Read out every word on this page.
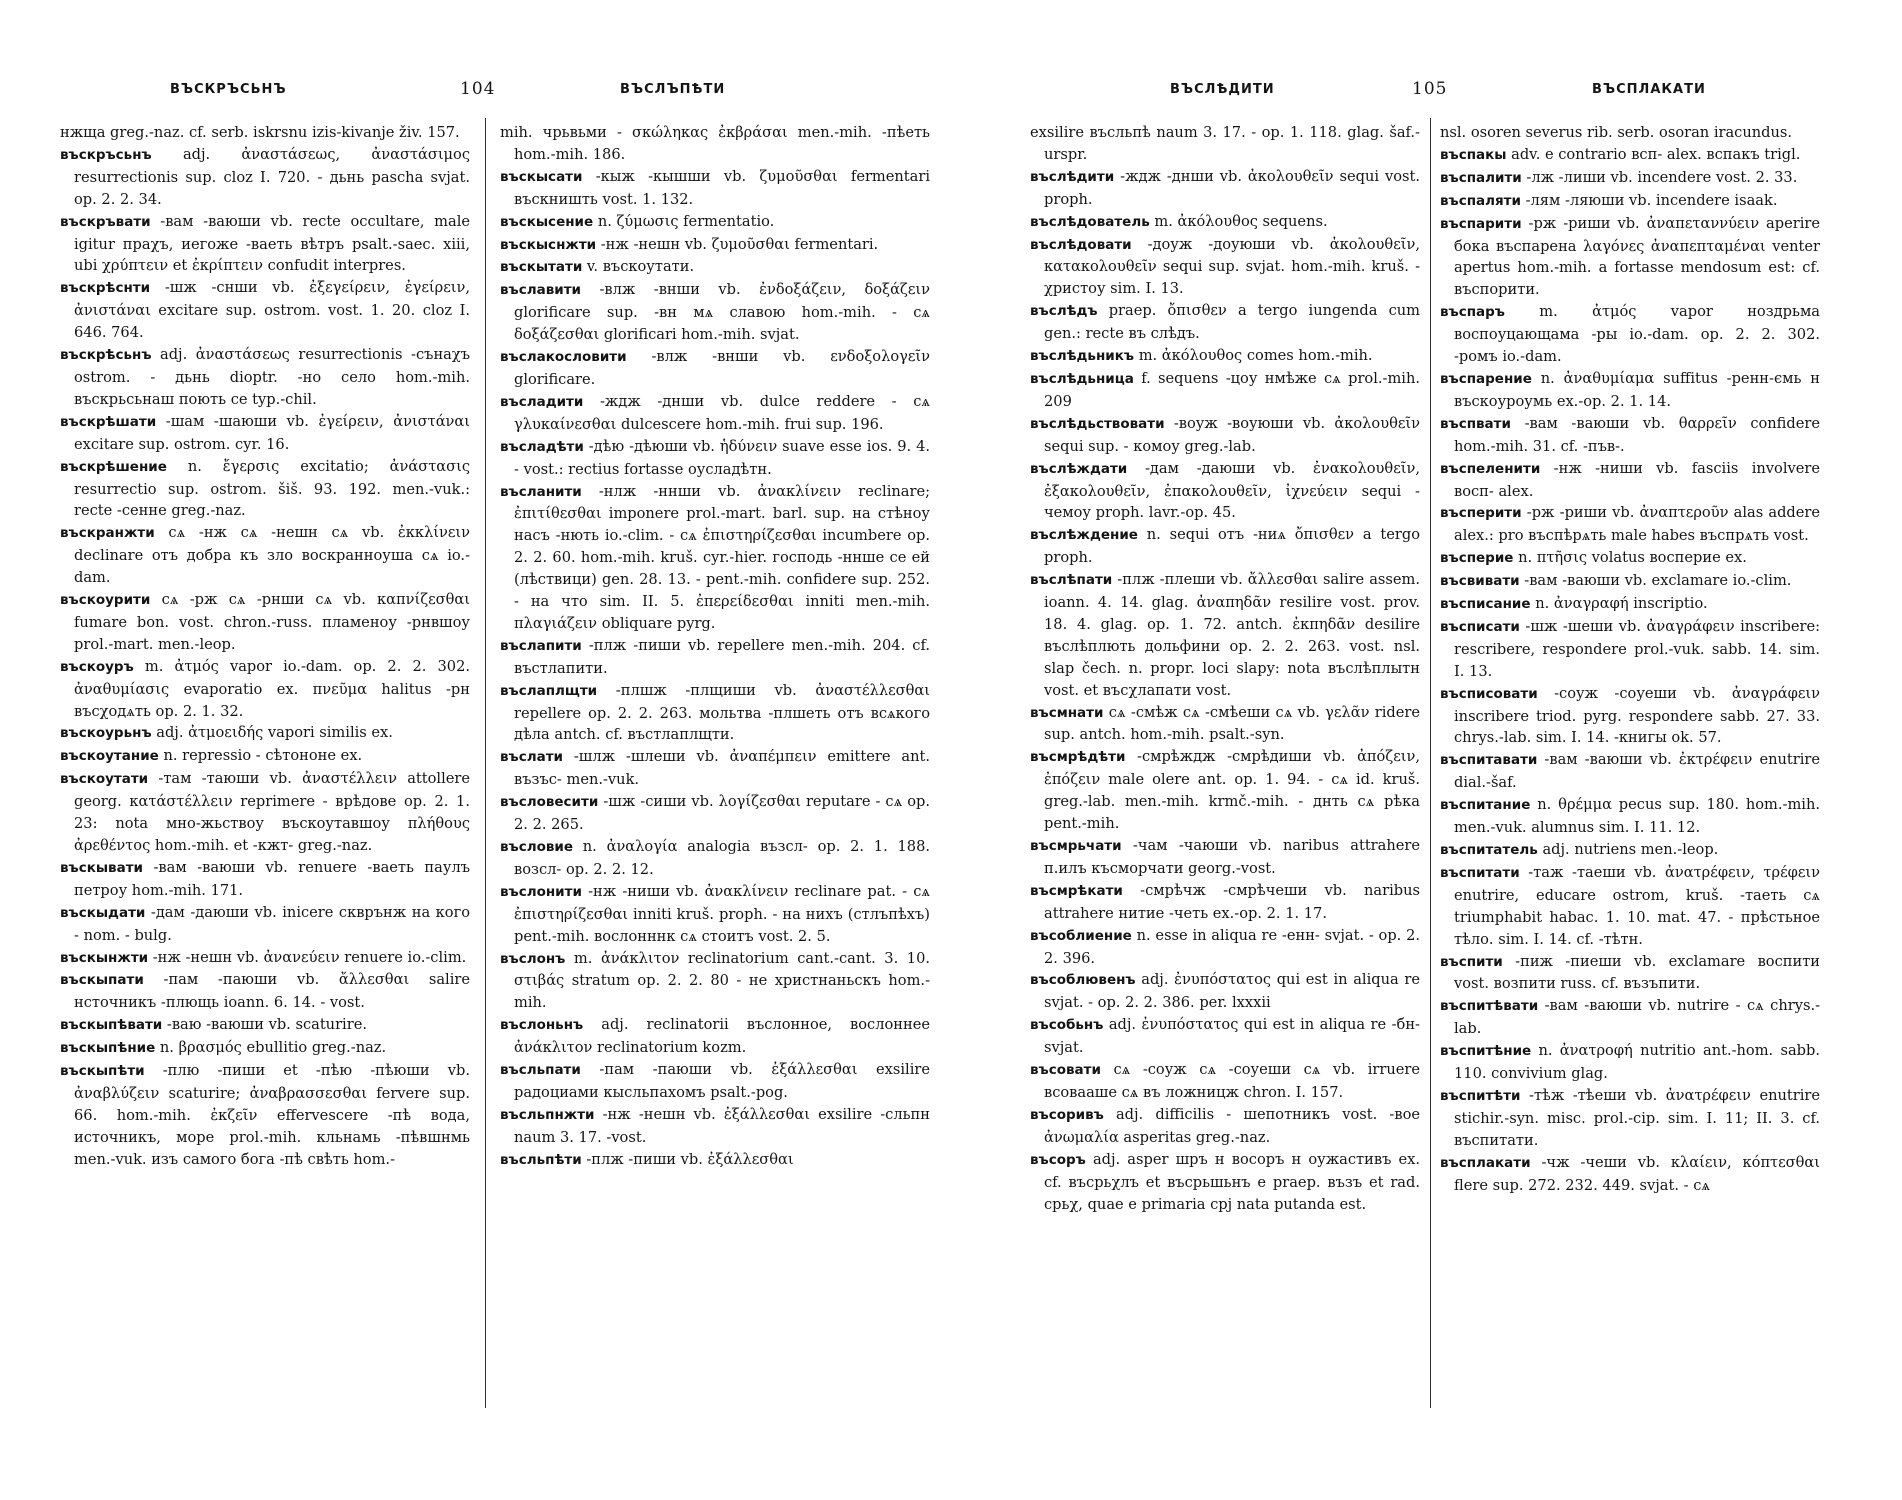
ВЪСКРЪСЬНЪ	104	ВЪСЛЪПѢТИ

нжща greg.-naz. cf. serb. iskrsnu izis-kivanje živ. 157.

въскръсьнъ adj. ἀναστάσεως, ἀναστάσιμος resurrectionis sup. cloz I. 720. - дьнь pascha svjat. op. 2. 2. 34.

въскръвати -вам -ваюши vb. recte occultare, male igitur праχъ, иегоже -ваеть вѣтръ psalt.-saec. xiii, ubi χρύπτειν et ἐκρίπτειν confudit interpres.

въскрѣснти -шж -снши vb. ἐξεγείρειν, ἐγείρειν, ἀνιστάναι excitare sup. ostrom. vost. 1. 20. cloz I. 646. 764.

въскрѣсьнъ adj. ἀναστάσεως resurrectionis -сънаχъ ostrom. - дьнь dioptr. -но село hom.-mih. въскрьсьнаш поють се typ.-chil.

въскрѣшати -шам -шаюши vb. ἐγείρειν, ἀνιστάναι excitare sup. ostrom. cyr. 16.

въскрѣшение n. ἔγερσις excitatio; ἀνάστασις resurrectio sup. ostrom. šiš. 93. 192. men.-vuk.: recte -сенне greg.-naz.

въскранжти сѧ -нж сѧ -нешн сѧ vb. ἐκκλίνειν declinare отъ добра къ зло воскранноуша сѧ io.-dam.

въскоурити сѧ -рж сѧ -рнши сѧ vb. καπνίζεσθαι fumare bon. vost. chron.-russ. пламеноу -рнвшоу prol.-mart. men.-leop.

въскоуръ m. ἀτμός vapor io.-dam. op. 2. 2. 302. ἀναθυμίασις evaporatio ex. πνεῦμα halitus -рн въсχодѧть op. 2. 1. 32.

въскоурьнъ adj. ἀτμοειδής vapori similis ex.

въскоутание n. repressio - сѣтононе ex.

въскоутати -там -таюши vb. ἀναστέλλειν attollere georg. κατάστέλλειν reprimere - врѣдове op. 2. 1. 23: nota мно-жьствоу въскоутавшоу πλήθους ἀρεθέντος hom.-mih. et -кжт- greg.-naz.

въскывати -вам -ваюши vb. renuere -ваеть паулъ петроу hom.-mih. 171.

въскыдати -дам -даюши vb. inicere скврънж на кого - nom. - bulg.

въскынжти -нж -нешн vb. ἀνανεύειν renuere io.-clim.

въскыпати -пам -паюши vb. ἄλλεσθαι salire нсточникъ -плющь ioann. 6. 14. - vost.

въскыпѣвати -ваю -ваюши vb. scaturire.

въскыпѣние n. βρασμός ebullitio greg.-naz.

въскыпѣти -плю -пиши et -пѣю -пѣюши vb. ἀναβλύζειν scaturire; ἀναβρασσεσθαι fervere sup. 66. hom.-mih. ἐκζεῖν effervescere -пѣ вода, источникъ, море prol.-mih. кльнамь -пѣвшнмь men.-vuk. изъ самого бога -пѣ свѣть hom.-

mih. чрьвьми - σκώληκας ἐκβράσαι men.-mih. -пѣеть hom.-mih. 186.

въскысати -кыж -кышши vb. ζυμοῦσθαι fermentari въскништь vost. 1. 132.

въскысение n. ζύμωσις fermentatio.

въскыснжти -нж -нешн vb. ζυμοῦσθαι fermentari.

въскытати v. въскоутати.

въславити -влж -внши vb. ἐνδοξάζειν, δοξάζειν glorificare sup. -вн мѧ славою hom.-mih. - сѧ δοξάζεσθαι glorificari hom.-mih. svjat.

въслакословити -влж -внши vb. ενδοξολογεῖν glorificare.

въсладити -ждж -днши vb. dulce reddere - сѧ γλυκαίνεσθαι dulcescere hom.-mih. frui sup. 196.

въсладѣти -дѣю -дѣюши vb. ἡδύνειν suave esse ios. 9. 4. - vost.: rectius fortasse оусладѣтн.

въсланити -нлж -ннши vb. ἀνακλίνειν reclinare; ἐπιτίθεσθαι imponere prol.-mart. barl. sup. на стѣноу насъ -нють io.-clim. - сѧ ἐπιστηρίζεσθαι incumbere op. 2. 2. 60. hom.-mih. kruš. cyr.-hier. господь -ннше се ей (лѣствици) gen. 28. 13. - pent.-mih. confidere sup. 252. - на что sim. II. 5. ἐπερείδεσθαι inniti men.-mih. πλαγιάζειν obliquare pyrg.

въслапити -плж -пиши vb. repellere men.-mih. 204. cf. въстлапити.

въслаплщти -плшж -плщиши vb. ἀναστέλλεσθαι repellere op. 2. 2. 263. мольтва -плшеть отъ всѧкого дѣла antch. cf. въстлаплщти.

въслати -шлж -шлеши vb. ἀναπέμπειν emittere ant. възъс- men.-vuk.

въсловесити -шж -сиши vb. λογίζεσθαι reputare - сѧ op. 2. 2. 265.

въсловие n. ἀναλογία analogia възсл- op. 2. 1. 188. возсл- op. 2. 2. 12.

въслонити -нж -ниши vb. ἀνακλίνειν reclinare pat. - сѧ ἐπιστηρίζεσθαι inniti kruš. proph. - на нихъ (стлъпѣхъ) pent.-mih. вослонннк сѧ стоитъ vost. 2. 5.

въслонъ m. ἀνάκλιτον reclinatorium cant.-cant. 3. 10. στιβάς stratum op. 2. 2. 80 - не христнаньскъ hom.-mih.

въслоньнъ adj. reclinatorii въслонное, вослоннее ἀνάκλιτον reclinatorium kozm.

въсльпати -пам -паюши vb. ἐξάλλεσθαι exsilire радоциами кысльпахомъ psalt.-pog.

въсльпнжти -нж -нешн vb. ἐξάλλεσθαι exsilire -сльпн naum 3. 17. -vost.

въсльпѣти -плж -пиши vb. ἐξάλλεσθαι

ВЪСЛѢДИТИ	105	ВЪСПЛАКАТИ

exsilire въсльпѣ naum 3. 17. - op. 1. 118. glag. šaf.-urspr.

въслѣдити -ждж -днши vb. ἀκολουθεῖν sequi vost. proph.

въслѣдователь m. ἀκόλουθος sequens.

въслѣдовати -доуж -доуюши vb. ἀκολουθεῖν, κατακολουθεῖν sequi sup. svjat. hom.-mih. kruš. - χристоу sim. I. 13.

въслѣдъ praep. ὄπισθεν a tergo iungenda cum gen.: recte въ слѣдъ.

въслѣдьникъ m. ἀκόλουθος comes hom.-mih.

въслѣдьница f. sequens -цоу нмѣже сѧ prol.-mih. 209

въслѣдьствовати -воуж -воуюши vb. ἀκολουθεῖν sequi sup. - комоу greg.-lab.

въслѣждати -дам -даюши vb. ἐνακολουθεῖν, ἐξακολουθεῖν, ἐπακολουθεῖν, ἰχνεύειν sequi - чемоу proph. lavr.-op. 45.

въслѣждение n. sequi отъ -ниѧ ὄπισθεν a tergo proph.

въслѣпати -плж -плеши vb. ἄλλεσθαι salire assem. ioann. 4. 14. glag. ἀναπηδᾶν resilire vost. prov. 18. 4. glag. op. 1. 72. antch. ἐκπηδᾶν desilire въслѣплють дольфини op. 2. 2. 263. vost. nsl. slap čech. n. propr. loci slapy: nota въслѣплытн vost. et въсχлапати vost.

въсмнати сѧ -смѣж сѧ -смѣеши сѧ vb. γελᾶν ridere sup. antch. hom.-mih. psalt.-syn.

въсмрѣдѣти -смрѣждж -смрѣдиши vb. ἀπόζειν, ἐπόζειν male olere ant. op. 1. 94. - сѧ id. kruš. greg.-lab. men.-mih. krmč.-mih. - днть сѧ рѣка pent.-mih.

въсмрьчати -чам -чаюши vb. naribus attrahere п.илъ късморчати georg.-vost.

въсмрѣкати -смрѣчж -смрѣчеши vb. naribus attrahere нитие -четь ex.-op. 2. 1. 17.

въсоблиение n. esse in aliqua re -енн- svjat. - op. 2. 2. 396.

въсоблювенъ adj. ἐνυπόστατος qui est in aliqua re svjat. - op. 2. 2. 386. per. lxxxii

въсобьнъ adj. ἐνυπόστατος qui est in aliqua re -бн- svjat.

въсовати сѧ -соуж сѧ -соуеши сѧ vb. irruere всовааше сѧ въ ложницж chron. I. 157.

въсоривъ adj. difficilis - шепотникъ vost. -вое ἀνωμαλία asperitas greg.-naz.

въсоръ adj. asper шръ н восоръ н оужастивъ ex. cf. въсрьχлъ et въсрьшьнъ e praep. възъ et rad. срьχ, quae e primaria срј nata putanda est.

nsl. osoren severus rib. serb. osoran iracundus.

въспакы adv. e contrario всп- alex. вспакъ trigl.

въспалити -лж -лиши vb. incendere vost. 2. 33.

въспаляти -лям -ляюши vb. incendere isaak.

въспарити -рж -риши vb. ἀναπεταννύειν aperire бока въспарена λαγόνες ἀναπεπταμέναι venter apertus hom.-mih. a fortasse mendosum est: cf. въспорити.

въспаръ m. ἀτμός vapor ноздрьма воспоуцающама -ры io.-dam. op. 2. 2. 302. -ромъ io.-dam.

въспарение n. ἀναθυμίαμα suffitus -ренн-ємь н въскоуроумь ex.-op. 2. 1. 14.

въспвати -вам -ваюши vb. θαρρεῖν confidere hom.-mih. 31. cf. -пъв-.

въспеленити -нж -ниши vb. fasciis involvere восп- alex.

въсперити -рж -риши vb. ἀναπτεροῦν alas addere alex.: pro въспѣрѧть male habes въспрѧть vost.

въсперие n. πτῆσις volatus восперие ex.

въсвивати -вам -ваюши vb. exclamare io.-clim.

въсписание n. ἀναγραφή inscriptio.

въсписати -шж -шеши vb. ἀναγράφειν inscribere: rescribere, respondere prol.-vuk. sabb. 14. sim. I. 13.

въсписовати -соуж -соуеши vb. ἀναγράφειν inscribere triod. pyrg. respondere sabb. 27. 33. chrys.-lab. sim. I. 14. -книгы ok. 57.

въспитавати -вам -ваюши vb. ἐκτρέφειν enutrire dial.-šaf.

въспитание n. θρέμμα pecus sup. 180. hom.-mih. men.-vuk. alumnus sim. I. 11. 12.

въспитатель adj. nutriens men.-leop.

въспитати -таж -таеши vb. ἀνατρέφειν, τρέφειν enutrire, educare ostrom, kruš. -таеть сѧ triumphabit habac. 1. 10. mat. 47. - прѣстьное тѣло. sim. I. 14. cf. -тѣтн.

въспити -пиж -пиеши vb. exclamare воспити vost. возпити russ. cf. възъпити.

въспитѣвати -вам -ваюши vb. nutrire - сѧ chrys.-lab.

въспитѣние n. ἀνατροφή nutritio ant.-hom. sabb. 110. convivium glag.

въспитѣти -тѣж -тѣеши vb. ἀνατρέφειν enutrire stichir.-syn. misc. prol.-cip. sim. I. 11; II. 3. cf. въспитати.

въсплакати -чж -чеши vb. κλαίειν, κόπτεσθαι flere sup. 272. 232. 449. svjat. - сѧ
